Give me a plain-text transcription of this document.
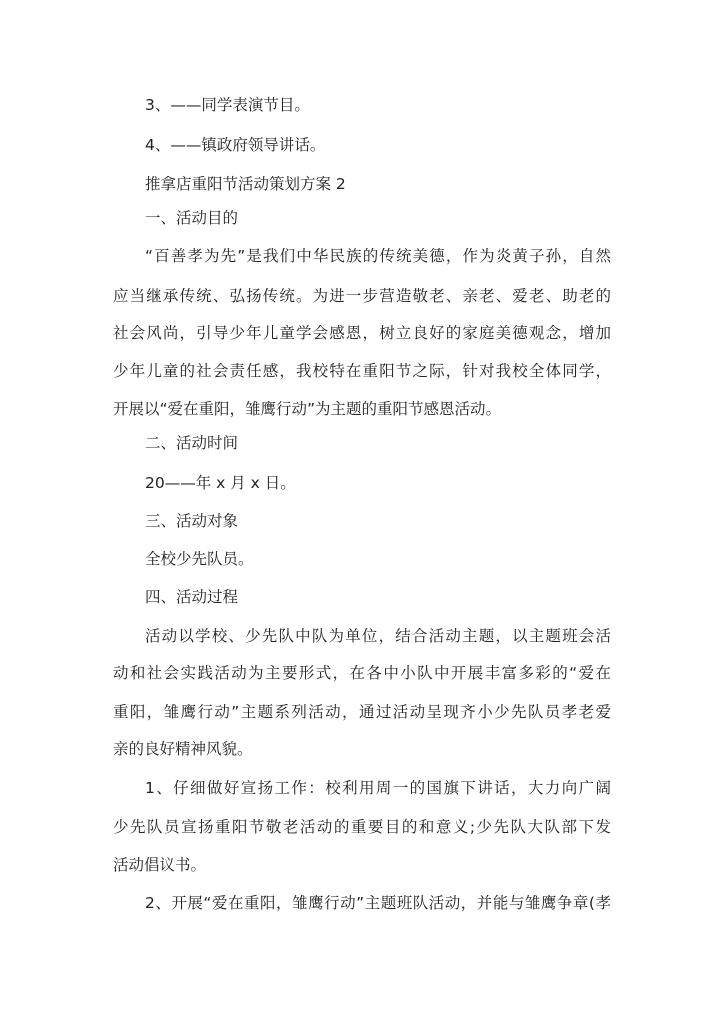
3、——同学表演节目。
4、——镇政府领导讲话。
推拿店重阳节活动策划方案 2
一、活动目的
“百善孝为先”是我们中华民族的传统美德，作为炎黄子孙，自然
应当继承传统、弘扬传统。为进一步营造敬老、亲老、爱老、助老的
社会风尚，引导少年儿童学会感恩，树立良好的家庭美德观念，增加
少年儿童的社会责任感，我校特在重阳节之际，针对我校全体同学，
开展以“爱在重阳，雏鹰行动”为主题的重阳节感恩活动。
二、活动时间
20——年 x 月 x 日。
三、活动对象
全校少先队员。
四、活动过程
活动以学校、少先队中队为单位，结合活动主题，以主题班会活
动和社会实践活动为主要形式，在各中小队中开展丰富多彩的“爱在
重阳，雏鹰行动”主题系列活动，通过活动呈现齐小少先队员孝老爱
亲的良好精神风貌。
1、仔细做好宣扬工作：校利用周一的国旗下讲话，大力向广阔
少先队员宣扬重阳节敬老活动的重要目的和意义;少先队大队部下发
活动倡议书。
2、开展“爱在重阳，雏鹰行动”主题班队活动，并能与雏鹰争章(孝
